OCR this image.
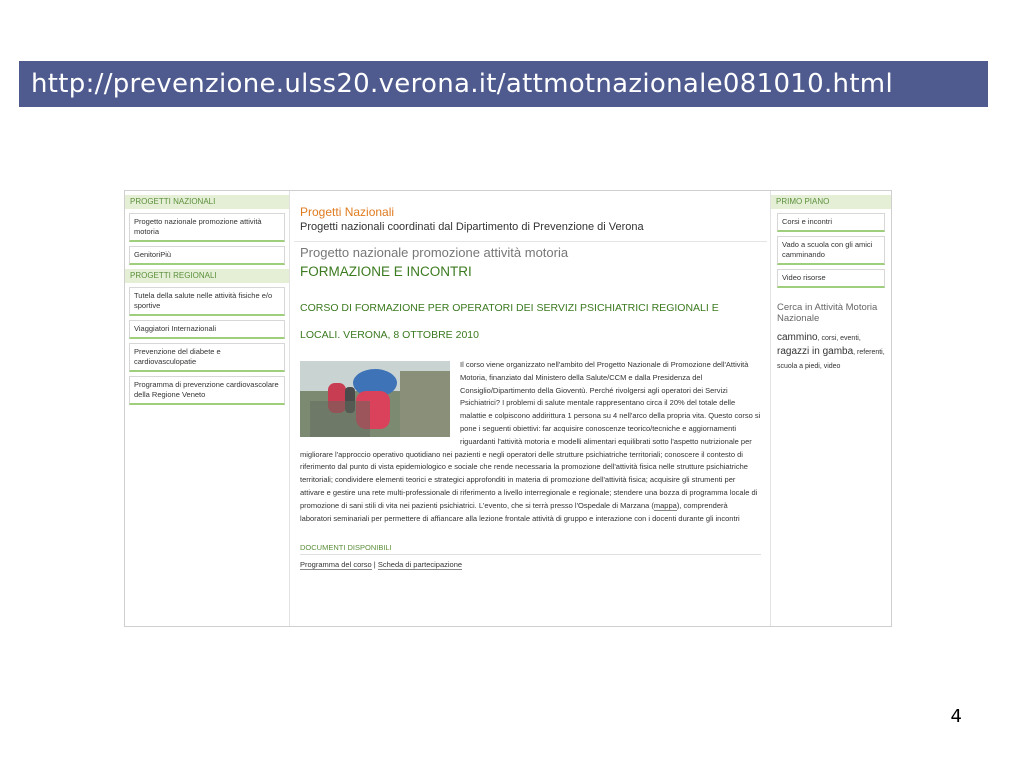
http://prevenzione.ulss20.verona.it/attmotnazionale081010.html
PROGETTI NAZIONALI
Progetto nazionale promozione attività motoria
GenitoriPiù
PROGETTI REGIONALI
Tutela della salute nelle attività fisiche e/o sportive
Viaggiatori Internazionali
Prevenzione del diabete e cardiovasculopatie
Programma di prevenzione cardiovascolare della Regione Veneto
Progetti Nazionali
Progetti nazionali coordinati dal Dipartimento di Prevenzione di Verona
Progetto nazionale promozione attività motoria
FORMAZIONE E INCONTRI
CORSO DI FORMAZIONE PER OPERATORI DEI SERVIZI PSICHIATRICI REGIONALI E LOCALI. VERONA, 8 OTTOBRE 2010
Il corso viene organizzato nell'ambito del Progetto Nazionale di Promozione dell'Attività Motoria, finanziato dal Ministero della Salute/CCM e dalla Presidenza del Consiglio/Dipartimento della Gioventù. Perché rivolgersi agli operatori dei Servizi Psichiatrici? I problemi di salute mentale rappresentano circa il 20% del totale delle malattie e colpiscono addirittura 1 persona su 4 nell'arco della propria vita. Questo corso si pone i seguenti obiettivi: far acquisire conoscenze teorico/tecniche e aggiornamenti riguardanti l'attività motoria e modelli alimentari equilibrati sotto l'aspetto nutrizionale per migliorare l'approccio operativo quotidiano nei pazienti e negli operatori delle strutture psichiatriche territoriali; conoscere il contesto di riferimento dal punto di vista epidemiologico e sociale che rende necessaria la promozione dell'attività fisica nelle strutture psichiatriche territoriali; condividere elementi teorici e strategici approfonditi in materia di promozione dell'attività fisica; acquisire gli strumenti per attivare e gestire una rete multi-professionale di riferimento a livello interregionale e regionale; stendere una bozza di programma locale di promozione di sani stili di vita nei pazienti psichiatrici. L'evento, che si terrà presso l'Ospedale di Marzana (mappa), comprenderà laboratori seminariali per permettere di affiancare alla lezione frontale attività di gruppo e interazione con i docenti durante gli incontri
DOCUMENTI DISPONIBILI
Programma del corso | Scheda di partecipazione
PRIMO PIANO
Corsi e incontri
Vado a scuola con gli amici camminando
Video risorse
Cerca in Attività Motoria Nazionale
cammino, corsi, eventi, ragazzi in gamba, referenti, scuola a piedi, video
4
